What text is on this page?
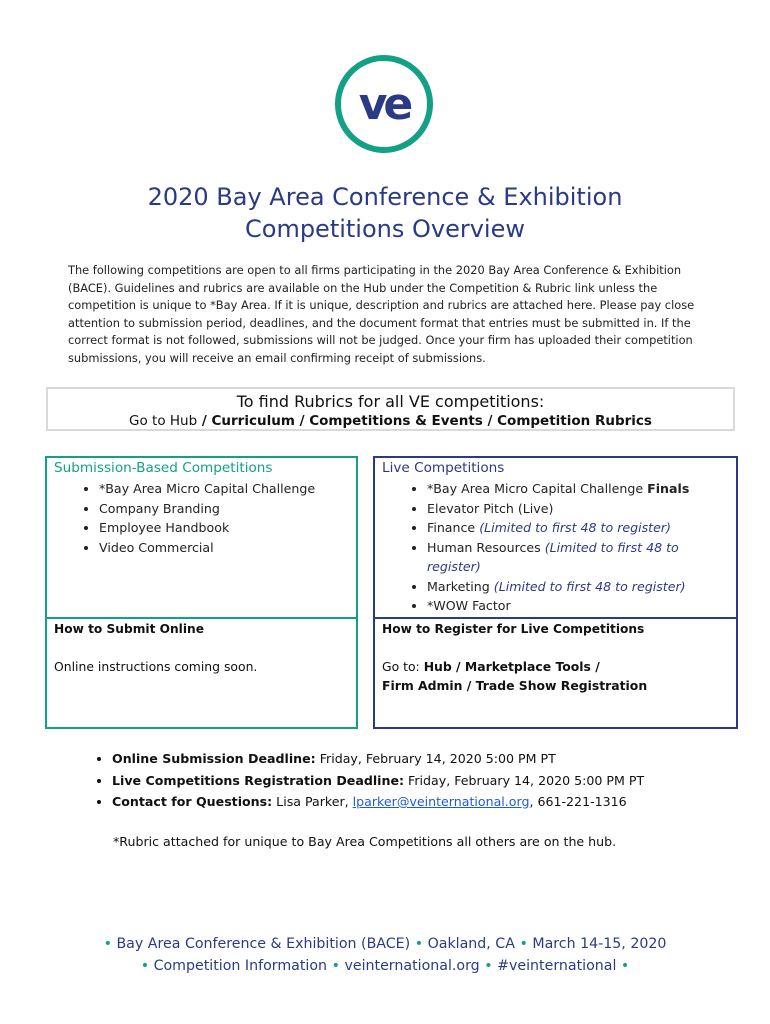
ve
2020 Bay Area Conference & Exhibition
Competitions Overview
The following competitions are open to all firms participating in the 2020 Bay Area Conference & Exhibition (BACE). Guidelines and rubrics are available on the Hub under the Competition & Rubric link unless the competition is unique to *Bay Area. If it is unique, description and rubrics are attached here. Please pay close attention to submission period, deadlines, and the document format that entries must be submitted in. If the correct format is not followed, submissions will not be judged. Once your firm has uploaded their competition submissions, you will receive an email confirming receipt of submissions.
To find Rubrics for all VE competitions:
Go to Hub / Curriculum / Competitions & Events / Competition Rubrics
Submission-Based Competitions
• *Bay Area Micro Capital Challenge
• Company Branding
• Employee Handbook
• Video Commercial
How to Submit Online
Online instructions coming soon.
Live Competitions
• *Bay Area Micro Capital Challenge Finals
• Elevator Pitch (Live)
• Finance (Limited to first 48 to register)
• Human Resources (Limited to first 48 to register)
• Marketing (Limited to first 48 to register)
• *WOW Factor
How to Register for Live Competitions
Go to: Hub / Marketplace Tools /
Firm Admin / Trade Show Registration
• Online Submission Deadline: Friday, February 14, 2020 5:00 PM PT
• Live Competitions Registration Deadline: Friday, February 14, 2020 5:00 PM PT
• Contact for Questions: Lisa Parker, lparker@veinternational.org, 661-221-1316
*Rubric attached for unique to Bay Area Competitions all others are on the hub.
• Bay Area Conference & Exhibition (BACE) • Oakland, CA • March 14-15, 2020
• Competition Information • veinternational.org • #veinternational •
